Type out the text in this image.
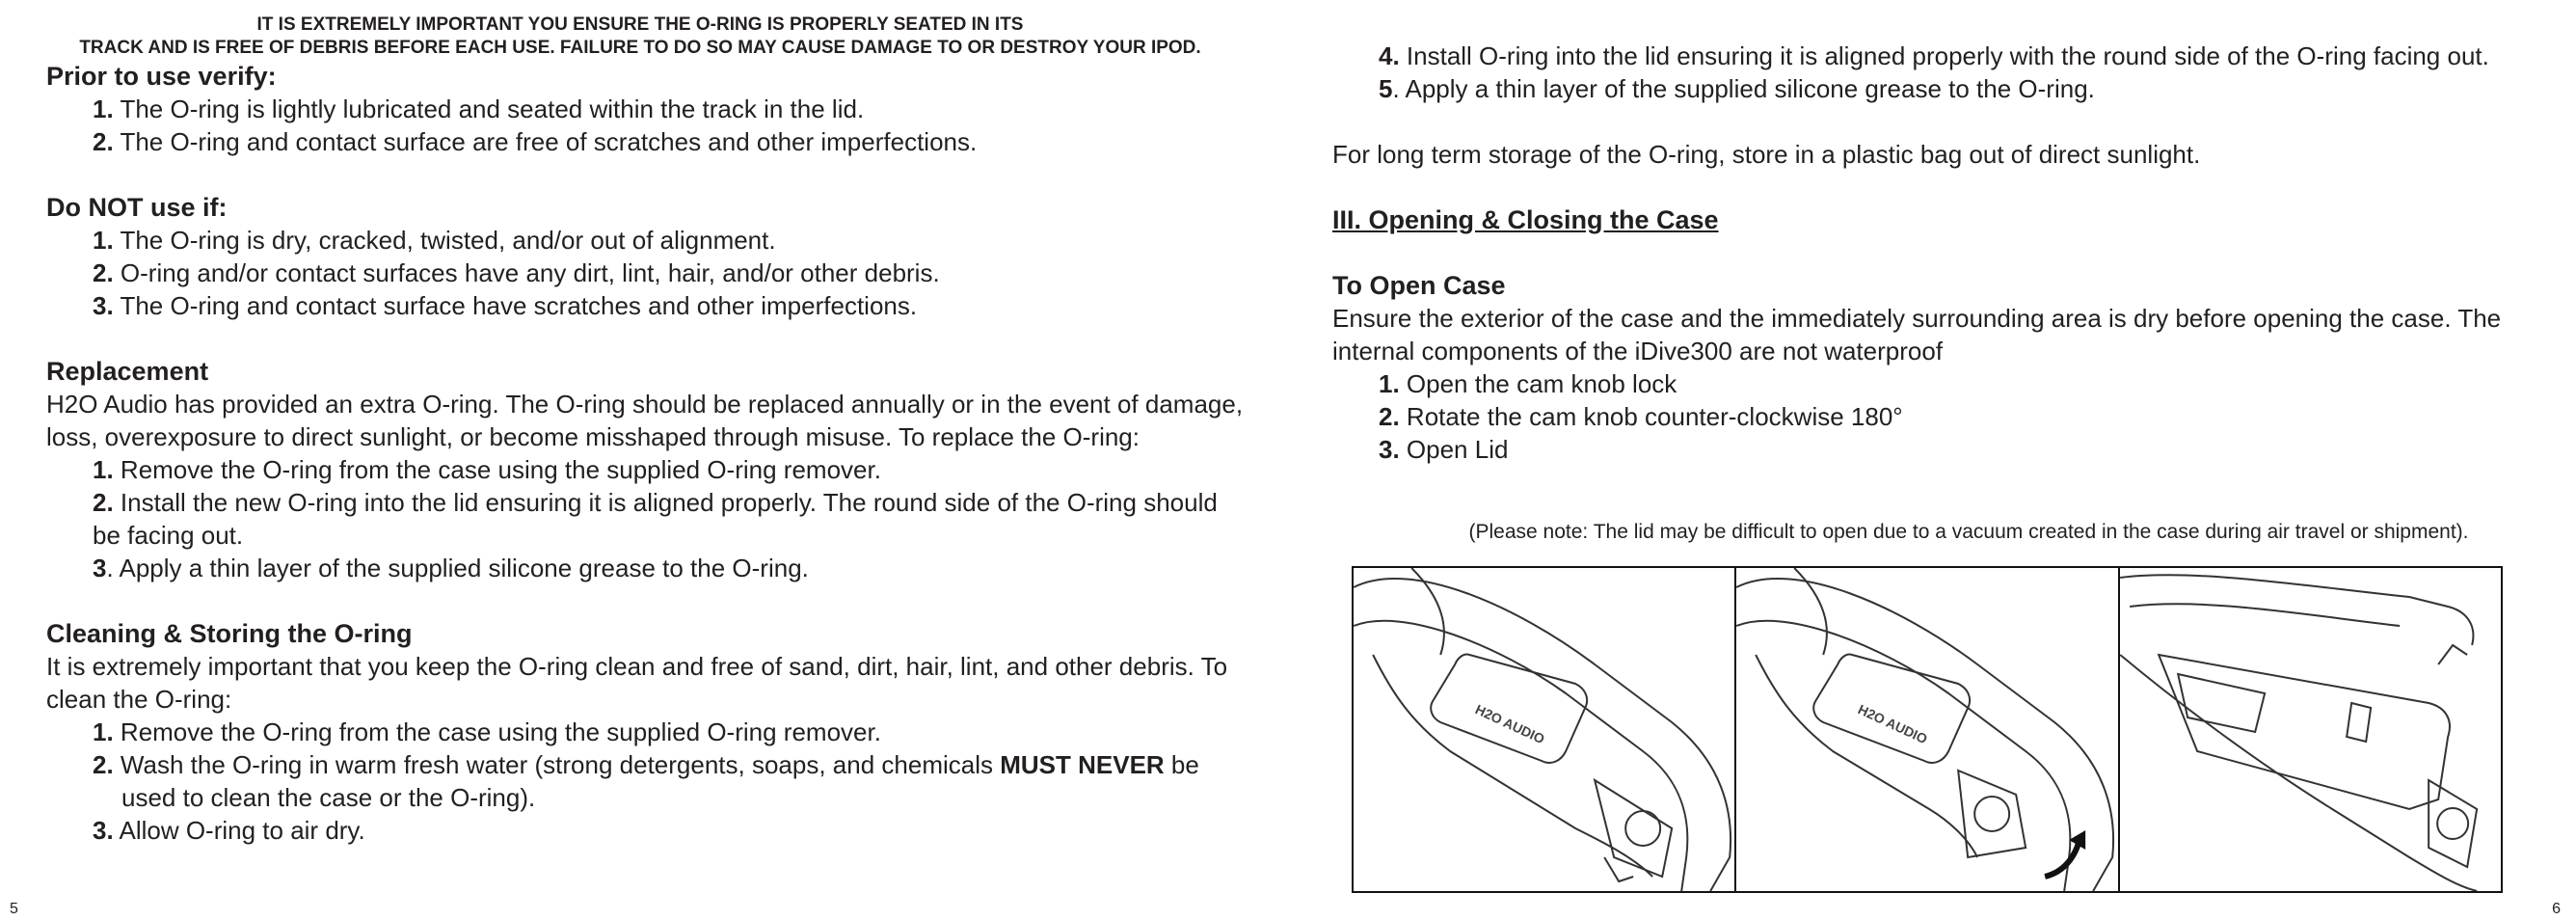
IT IS EXTREMELY IMPORTANT YOU ENSURE THE O-RING IS PROPERLY SEATED IN ITS
TRACK AND IS FREE OF DEBRIS BEFORE EACH USE. FAILURE TO DO SO MAY CAUSE DAMAGE TO OR DESTROY YOUR IPOD.
Prior to use verify:
1. The O-ring is lightly lubricated and seated within the track in the lid.
2. The O-ring and contact surface are free of scratches and other imperfections.
Do NOT use if:
1. The O-ring is dry, cracked, twisted, and/or out of alignment.
2. O-ring and/or contact surfaces have any dirt, lint, hair, and/or other debris.
3. The O-ring and contact surface have scratches and other imperfections.
Replacement

H2O Audio has provided an extra O-ring. The O-ring should be replaced annually or in the event of damage, loss, overexposure to direct sunlight, or become misshaped through misuse. To replace the O-ring:

1. Remove the O-ring from the case using the supplied O-ring remover.
2. Install the new O-ring into the lid ensuring it is aligned properly. The round side of the O-ring should be facing out.
3. Apply a thin layer of the supplied silicone grease to the O-ring.
Cleaning & Storing the O-ring

It is extremely important that you keep the O-ring clean and free of sand, dirt, hair, lint, and other debris. To clean the O-ring:

1. Remove the O-ring from the case using the supplied O-ring remover.
2. Wash the O-ring in warm fresh water (strong detergents, soaps, and chemicals MUST NEVER be used to clean the case or the O-ring).
3. Allow O-ring to air dry.
5
4. Install O-ring into the lid ensuring it is aligned properly with the round side of the O-ring facing out.
5. Apply a thin layer of the supplied silicone grease to the O-ring.

For long term storage of the O-ring, store in a plastic bag out of direct sunlight.

III. Opening & Closing the Case
To Open Case

Ensure the exterior of the case and the immediately surrounding area is dry before opening the case. The internal components of the iDive300 are not waterproof

1. Open the cam knob lock
2. Rotate the cam knob counter-clockwise 180°
3. Open Lid

(Please note: The lid may be difficult to open due to a vacuum created in the case during air travel or shipment).

H2O AUDIO	H2O AUDIO
6
